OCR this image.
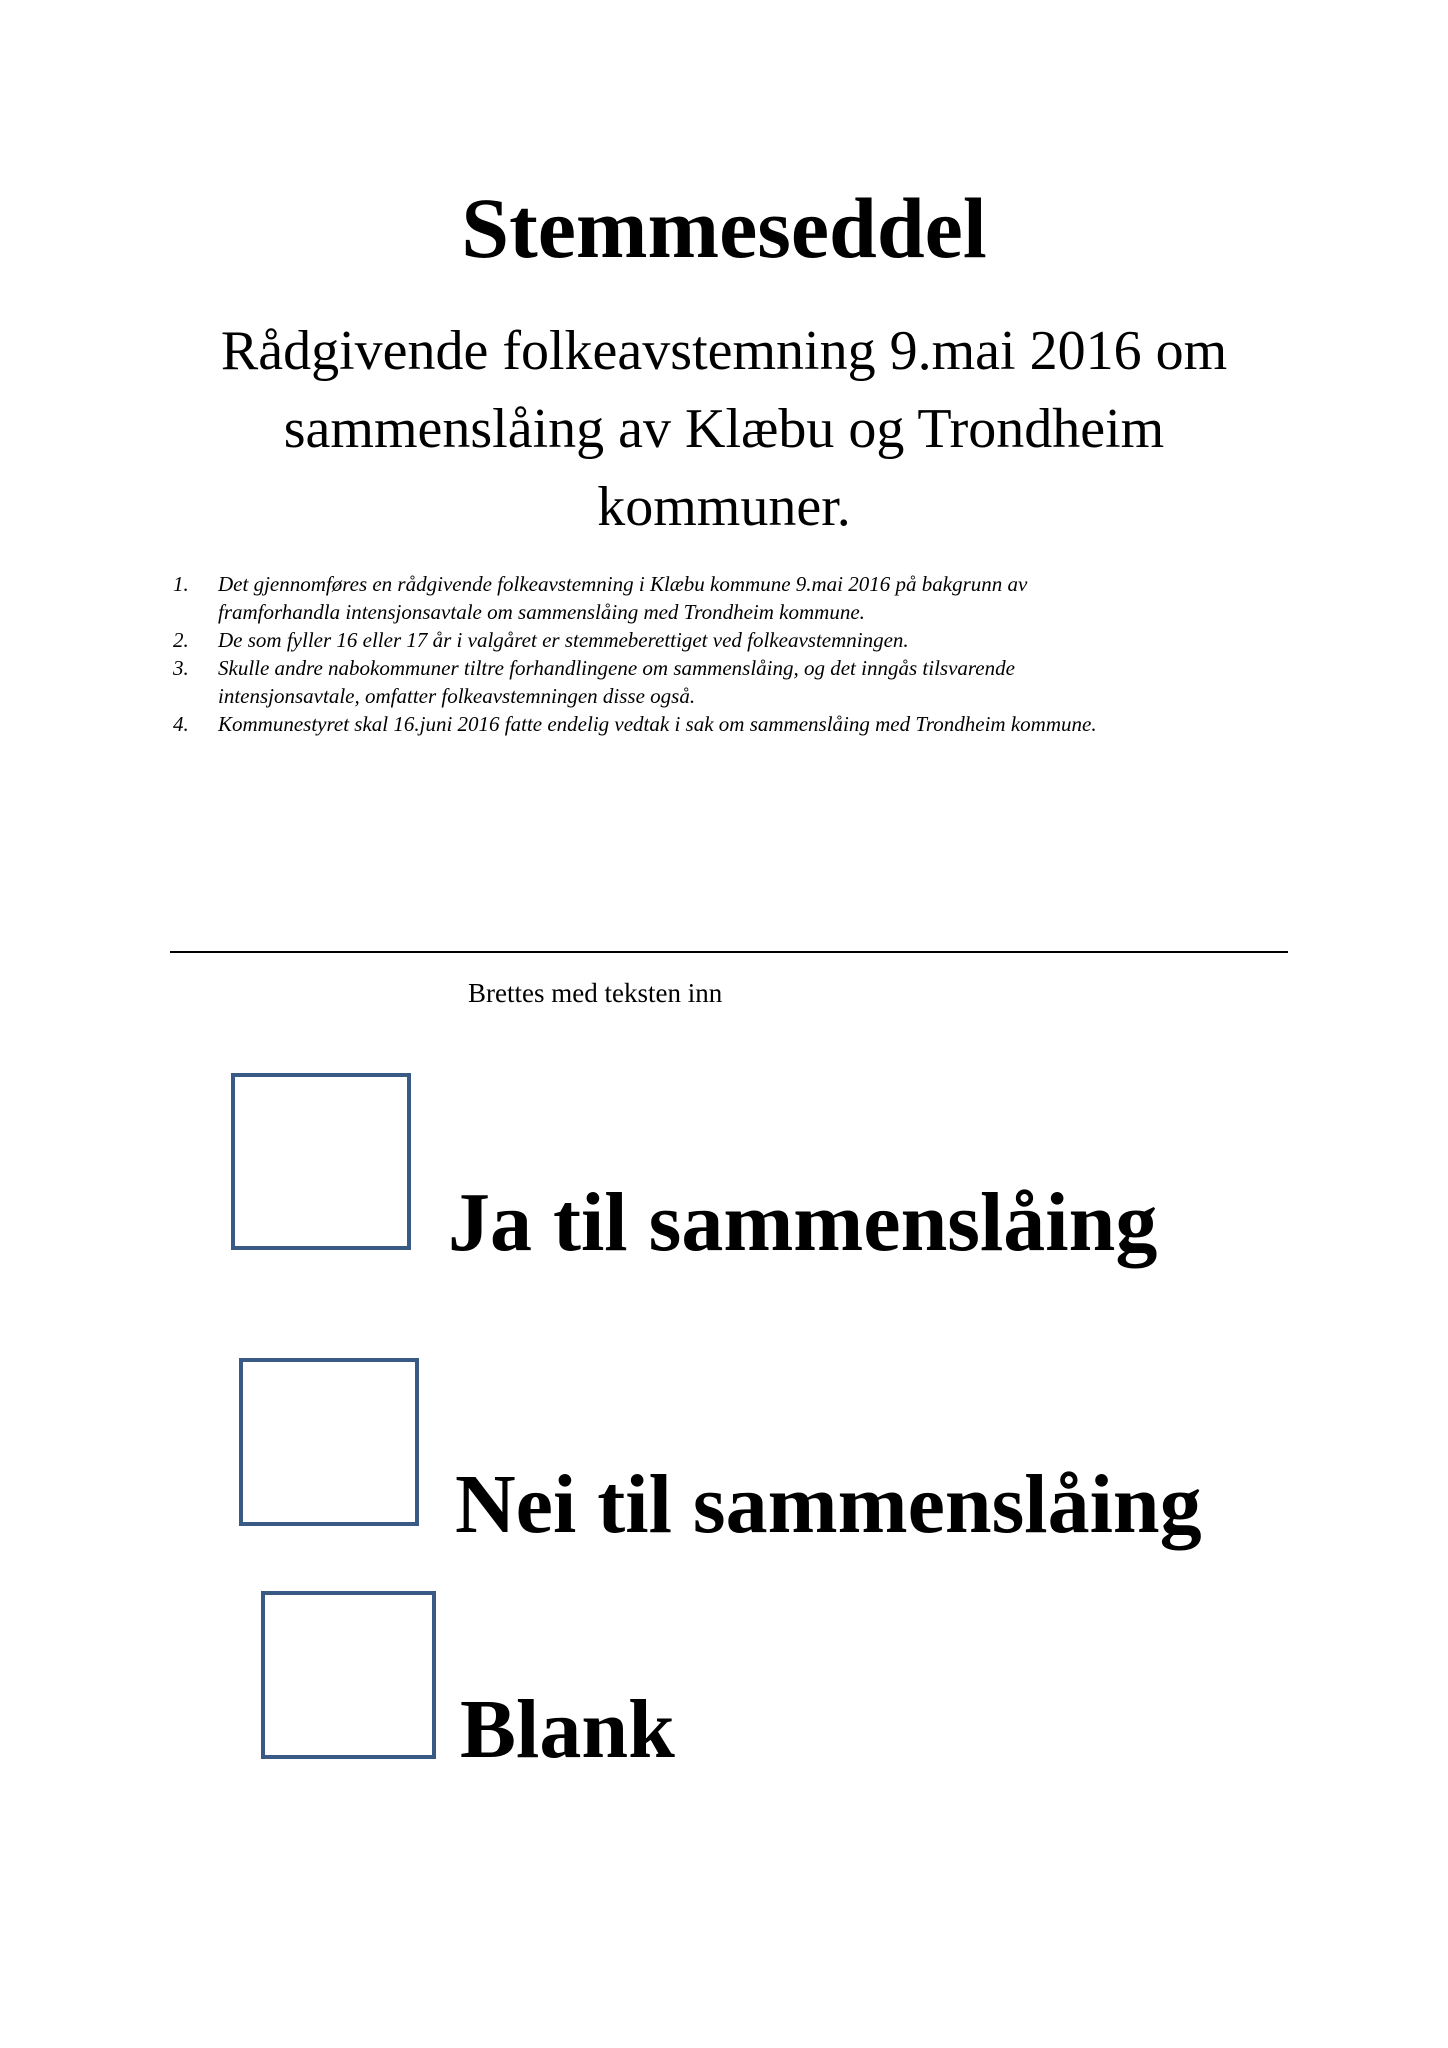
Stemmeseddel
Rådgivende folkeavstemning 9.mai 2016 om
sammenslåing av Klæbu og Trondheim
kommuner.
1. Det gjennomføres en rådgivende folkeavstemning i Klæbu kommune 9.mai 2016 på bakgrunn av
framforhandla intensjonsavtale om sammenslåing med Trondheim kommune.
2. De som fyller 16 eller 17 år i valgåret er stemmeberettiget ved folkeavstemningen.
3. Skulle andre nabokommuner tiltre forhandlingene om sammenslåing, og det inngås tilsvarende
intensjonsavtale, omfatter folkeavstemningen disse også.
4. Kommunestyret skal 16.juni 2016 fatte endelig vedtak i sak om sammenslåing med Trondheim kommune.
Brettes med teksten inn
Ja til sammenslåing
Nei til sammenslåing
Blank
